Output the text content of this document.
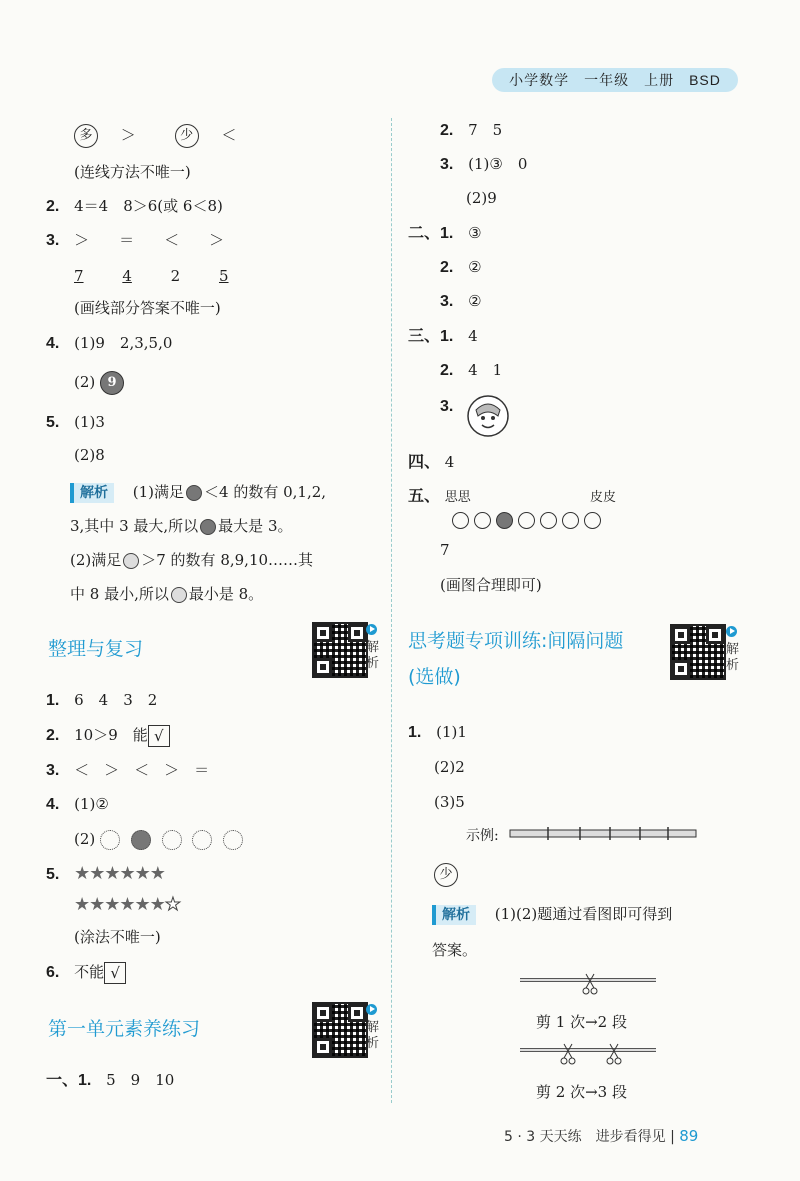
小学数学　一年级　上册　BSD
多 ＞	少 ＜
(连线方法不唯一)
2. 4＝4　8＞6(或 6＜8)
3. ＞　　＝　　＜　　＞
7	4	2	5
(画线部分答案不唯一)
4. (1)9　2,3,5,0
(2) 9
5. (1)3
(2)8
解析 (1)满足 ＜4 的数有 0,1,2,
3,其中 3 最大,所以 最大是 3。
(2)满足 ＞7 的数有 8,9,10……其
中 8 最小,所以 最小是 8。
整理与复习	解析
1. 6　4　3　2
2. 10＞9　能 √
3. ＜　＞　＜　＞　＝
4. (1)②
(2)
5. ★★★★★★
★★★★★★★
(涂法不唯一)
6. 不能 √
第一单元素养练习	解析
一、1. 5　9　10
2. 7　5
3. (1)③　0
(2)9
二、1. ③
2. ②
3. ②
三、1. 4
2. 4　1
3.
四、 4
五、 思思	皮皮
7
(画图合理即可)
思考题专项训练:间隔问题
(选做)
解析
1. (1)1
(2)2
(3)5
示例:
少
解析 (1)(2)题通过看图即可得到
答案。
剪 1 次→2 段
剪 2 次→3 段
5 · 3 天天练　进步看得见 | 89
